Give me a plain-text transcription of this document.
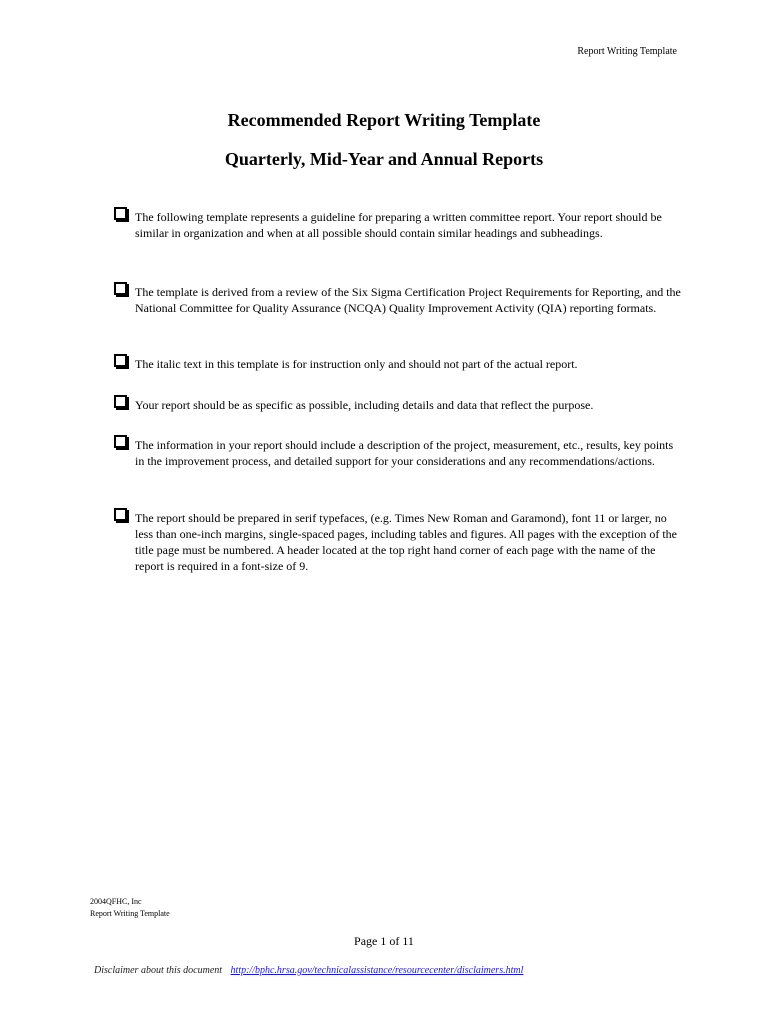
Report Writing Template
Recommended Report Writing Template
Quarterly, Mid-Year and Annual Reports
The following template represents a guideline for preparing a written committee report. Your report should be similar in organization and when at all possible should contain similar headings and subheadings.
The template is derived from a review of the Six Sigma Certification Project Requirements for Reporting, and the National Committee for Quality Assurance (NCQA) Quality Improvement Activity (QIA) reporting formats.
The italic text in this template is for instruction only and should not part of the actual report.
Your report should be as specific as possible, including details and data that reflect the purpose.
The information in your report should include a description of the project, measurement, etc., results, key points in the improvement process, and detailed support for your considerations and any recommendations/actions.
The report should be prepared in serif typefaces, (e.g. Times New Roman and Garamond), font 11 or larger, no less than one-inch margins, single-spaced pages, including tables and figures. All pages with the exception of the title page must be numbered. A header located at the top right hand corner of each page with the name of the report is required in a font-size of 9.
2004QFHC, Inc
Report Writing Template
Page 1 of 11
Disclaimer about this document http://bphc.hrsa.gov/technicalassistance/resourcecenter/disclaimers.html
